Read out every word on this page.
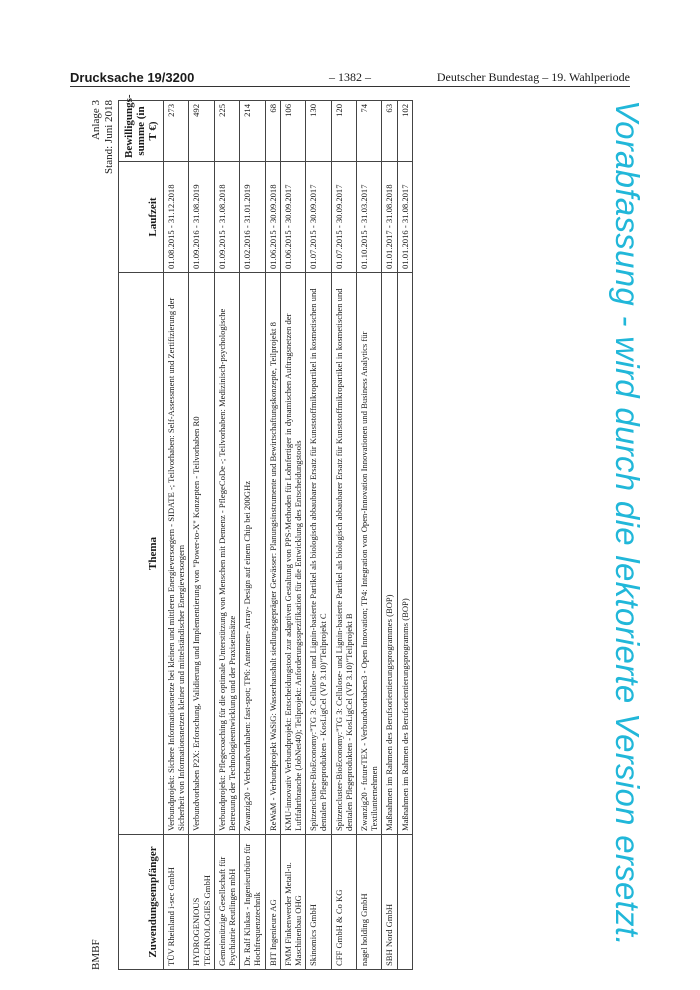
Drucksache 19/3200	– 1382 –	Deutscher Bundestag – 19. Wahlperiode
BMBF
Anlage 3 Stand: Juni 2018
Zuwendungsempfänger	Thema	Laufzeit	Bewilligungs-summe (in T €)
TÜV Rheinland i-sec GmbH	Verbundprojekt: Sichere Informationsnetze bei kleinen und mittleren Energieversorgern - SIDATE -; Teilvorhaben: Self-Assessment und Zertifizierung der Sicherheit von Informationsnetzen kleiner und mittelständischer Energieversorgern	01.08.2015 - 31.12.2018	273
HYDROGENIOUS TECHNOLOGIES GmbH	Verbundvorhaben P2X: Erforschung, Validierung und Implementierung von "Power-to-X" Konzepten - Teilvorhaben R0	01.09.2016 - 31.08.2019	492
Gemeinnützige Gesellschaft für Psychiatrie Reutlingen mbH	Verbundprojekt: Pflegecoaching für die optimale Unterstützung von Menschen mit Demenz - PflegeCoDe -; Teilvorhaben: Medizinisch-psychologische Betreuung der Technologieentwicklung und der Praxiseinsätze	01.09.2015 - 31.08.2018	225
Dr. Ralf Klukas - Ingenieurbüro für Hochfrequenztechnik	Zwanzig20 - Verbundvorhaben: fast-spot; TP6: Antennen- Array- Design auf einem Chip bei 200GHz	01.02.2016 - 31.01.2019	214
BIT Ingenieure AG	ReWaM - Verbundprojekt WaSiG: Wasserhaushalt siedlungsgeprägter Gewässer: Planungsinstrumente und Bewirtschaftungskonzepte, Teilprojekt 8	01.06.2015 - 30.09.2018	68
FMM Finkenwerder Metall-u. Maschinenbau OHG	KMU-innovativ Verbundprojekt: Entscheidungstool zur adaptiven Gestaltung von PPS-Methoden für Lohnfertiger in dynamischen Auftragsnetzen der Luftfahrtbranche (JobNet40); Teilprojekt: Anforderungsspezifikation für die Entwicklung des Entscheidungstools	01.06.2015 - 30.09.2017	106
Skinomics GmbH	Spitzencluster-BioEconomy:"TG 3: Cellulose- und Lignin-basierte Partikel als biologisch abbaubarer Ersatz für Kunststoffmikropartikel in kosmetischen und dentalen Pflegeprodukten - KosLigCel (VP 3.10)"Teilprojekt C	01.07.2015 - 30.09.2017	130
CFF GmbH & Co KG	Spitzencluster-BioEconomy:"TG 3: Cellulose- und Lignin-basierte Partikel als biologisch abbaubarer Ersatz für Kunststoffmikropartikel in kosmetischen und dentalen Pflegeprodukten - KosLigCel (VP 3.10)"Teilprojekt B	01.07.2015 - 30.09.2017	120
nagel holding GmbH	Zwanzig20 - futureTEX - Verbundvorhaben3 - Open Innovation; TP4: Integration von Open-Innovation Innovationen und Business Analytics für Textilunternehmen	01.10.2015 - 31.03.2017	74
SBH Nord GmbH	Maßnahmen im Rahmen des Berufsorientierungsprogrammes (BOP)	01.01.2017 - 31.08.2018	63
	Maßnahmen im Rahmen des Berufsorientierungsprogramms (BOP)	01.01.2016 - 31.08.2017	102	Vorabfassung - wird durch die lektorierte Version ersetzt.
